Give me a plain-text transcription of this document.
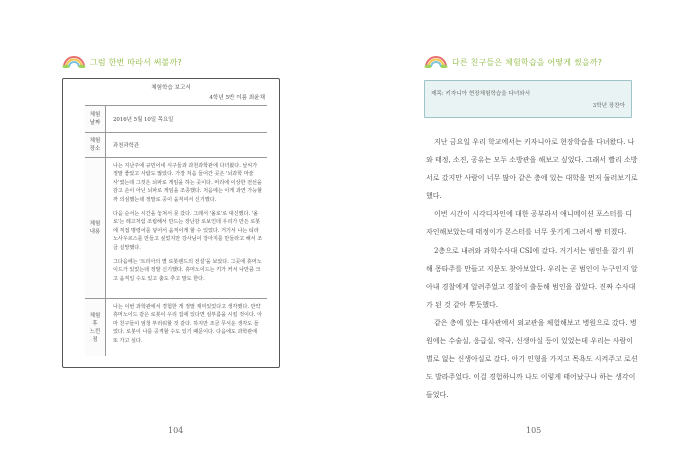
그럼 한번 따라서 써볼까?
체험학습 보고서
4학년 5반 이름 최윤채
체험
날짜 2016년 5월 10일 목요일
체험
장소 과천과학관
체험
내용

나는 지난주에 규민이네 식구들과 과천과학관에 다녀왔다. 날씨가 정말 좋았고 사람도 많았다. 가장 처음 들어간 곳은 '뇌과학 마술사'였는데 그것은 뇌파로 게임을 하는 곳이다. 머리에 이상한 전선을 감고 손이 아닌 뇌파로 게임을 조종했다. 처음에는 이게 과연 가능할까 의심했는데 정말로 공이 움직여서 신기했다.

다음 순서는 시간을 놓쳐서 못 갔다. 그래서 '올로'로 대신했다. '올로'는 레고처럼 조립해서 만드는 장난감 로보인데 우리가 만든 로봇에 직접 명령어를 넣어서 움직이게 할 수 있었다. 거기서 나는 티라노사우르스를 만들고 싶었지만 강사님이 강아지를 만들라고 해서 조금 실망했다.

그다음에는 '트리아의 별 로봇랜드의 전설'을 보았다. 그곳에 휴머노이드가 있었는데 정말 신기했다. 휴머노이드는 키가 커서 나만큼 크고 움직일 수도 있고 춤도 추고 말도 한다.

체험
후
느낀
점

나는 이번 과학관에서 경험한 게 정말 재미있었다고 생각했다. 만약 휴머노이드 같은 로봇이 우리 집에 있다면 심부름을 시킬 것이다. 아마 친구들이 엄청 부러워할 것 같다. 하지만 조금 무서운 생각도 들었다. 로봇이 나를 공격할 수도 있기 때문이다. 다음에도 과학관에 또 가고 싶다.

104
다른 친구들은 체험학습을 어떻게 썼을까?
제목: 키자니아 현장체험학습을 다녀와서
3학년 장찬아

지난 금요일 우리 학교에서는 키자니아로 현장학습을 다녀왔다. 나와 태정, 소진, 공유는 모두 소방관을 해보고 싶었다. 그래서 빨리 소방서로 갔지만 사람이 너무 많아 같은 층에 있는 대학을 먼저 둘러보기로 했다.

이번 시간이 시각디자인에 대한 공부라서 애니메이션 포스터를 디자인해보았는데 태정이가 몬스터를 너무 웃기게 그려서 빵 터졌다.

2층으로 내려와 과학수사대 CSI에 갔다. 거기서는 범인을 잡기 위해 몽타주를 만들고 지문도 찾아보았다. 우리는 곧 범인이 누구인지 알아내 경찰에게 알려주었고 경찰이 출동해 범인을 잡았다. 진짜 수사대가 된 것 같아 뿌듯했다.

같은 층에 있는 대사관에서 외교관을 체험해보고 병원으로 갔다. 병원에는 수술실, 응급실, 약국, 신생아실 등이 있었는데 우리는 사람이 별로 없는 신생아실로 갔다. 아기 인형을 가지고 목욕도 시켜주고 로션도 발라주었다. 이걸 경험하니까 나도 이렇게 태어났구나 하는 생각이 들었다.

105
